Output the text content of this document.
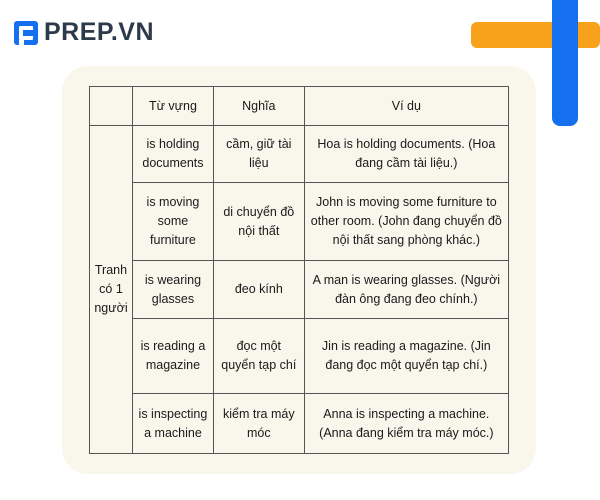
PREP.VN
	Từ vựng	Nghĩa	Ví dụ
Tranh có 1 người	is holding documents	cầm, giữ tài liệu	Hoa is holding documents. (Hoa đang cầm tài liệu.)
	is moving some furniture	di chuyển đồ nội thất	John is moving some furniture to other room. (John đang chuyển đồ nội thất sang phòng khác.)
	is wearing glasses	đeo kính	A man is wearing glasses. (Người đàn ông đang đeo chính.)
	is reading a magazine	đọc một quyển tạp chí	Jin is reading a magazine. (Jin đang đọc một quyển tạp chí.)
	is inspecting a machine	kiểm tra máy móc	Anna is inspecting a machine. (Anna đang kiểm tra máy móc.)
